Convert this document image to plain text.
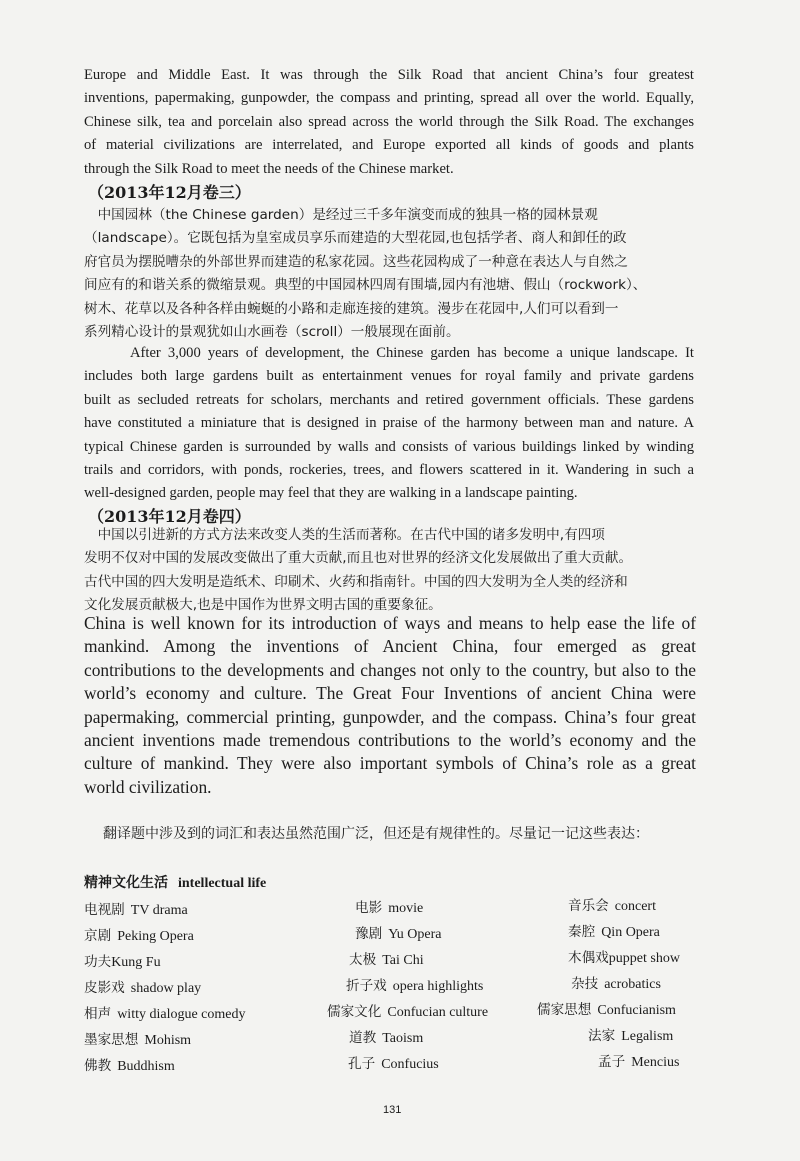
Europe and Middle East. It was through the Silk Road that ancient China’s four greatest
inventions, papermaking, gunpowder, the compass and printing, spread all over the world. Equally,
Chinese silk, tea and porcelain also spread across the world through the Silk Road. The exchanges
of material civilizations are interrelated, and Europe exported all kinds of goods and plants
through the Silk Road to meet the needs of the Chinese market.
（2013年12月卷三）
　中国园林（the Chinese garden）是经过三千多年演变而成的独具一格的园林景观
（landscape）。它既包括为皇室成员享乐而建造的大型花园,也包括学者、商人和卸任的政
府官员为摆脱嘈杂的外部世界而建造的私家花园。这些花园构成了一种意在表达人与自然之
间应有的和谐关系的微缩景观。典型的中国园林四周有围墙,园内有池塘、假山（rockwork）、
树木、花草以及各种各样由蜿蜒的小路和走廊连接的建筑。漫步在花园中,人们可以看到一
系列精心设计的景观犹如山水画卷（scroll）一般展现在面前。
After 3,000 years of development, the Chinese garden has become a unique landscape. It
includes both large gardens built as entertainment venues for royal family and private gardens
built as secluded retreats for scholars, merchants and retired government officials. These gardens
have constituted a miniature that is designed in praise of the harmony between man and nature. A
typical Chinese garden is surrounded by walls and consists of various buildings linked by winding
trails and corridors, with ponds, rockeries, trees, and flowers scattered in it. Wandering in such a
well-designed garden, people may feel that they are walking in a landscape painting.
（2013年12月卷四）
　中国以引进新的方式方法来改变人类的生活而著称。在古代中国的诸多发明中,有四项
发明不仅对中国的发展改变做出了重大贡献,而且也对世界的经济文化发展做出了重大贡献。
古代中国的四大发明是造纸术、印刷术、火药和指南针。中国的四大发明为全人类的经济和
文化发展贡献极大,也是中国作为世界文明古国的重要象征。
China is well known for its introduction of ways and means to help ease the life of
mankind. Among the inventions of Ancient China, four emerged as great
contributions to the developments and changes not only to the country, but also to the
world’s economy and culture. The Great Four Inventions of ancient China were
papermaking, commercial printing, gunpowder, and the compass. China’s four great
ancient inventions made tremendous contributions to the world’s economy and the
culture of mankind. They were also important symbols of China’s role as a great
world civilization.
翻译题中涉及到的词汇和表达虽然范围广泛，但还是有规律性的。尽量记一记这些表达：
精神文化生活 intellectual life
电视剧 TV drama	电影 movie	音乐会 concert
京剧 Peking Opera	豫剧 Yu Opera	秦腔 Qin Opera
功夫Kung Fu	太极 Tai Chi	木偶戏puppet show
皮影戏 shadow play	折子戏 opera highlights	杂技 acrobatics
相声 witty dialogue comedy	儒家文化 Confucian culture	儒家思想 Confucianism
墨家思想 Mohism	道教 Taoism	法家 Legalism
佛教 Buddhism	孔子 Confucius	孟子 Mencius
131
